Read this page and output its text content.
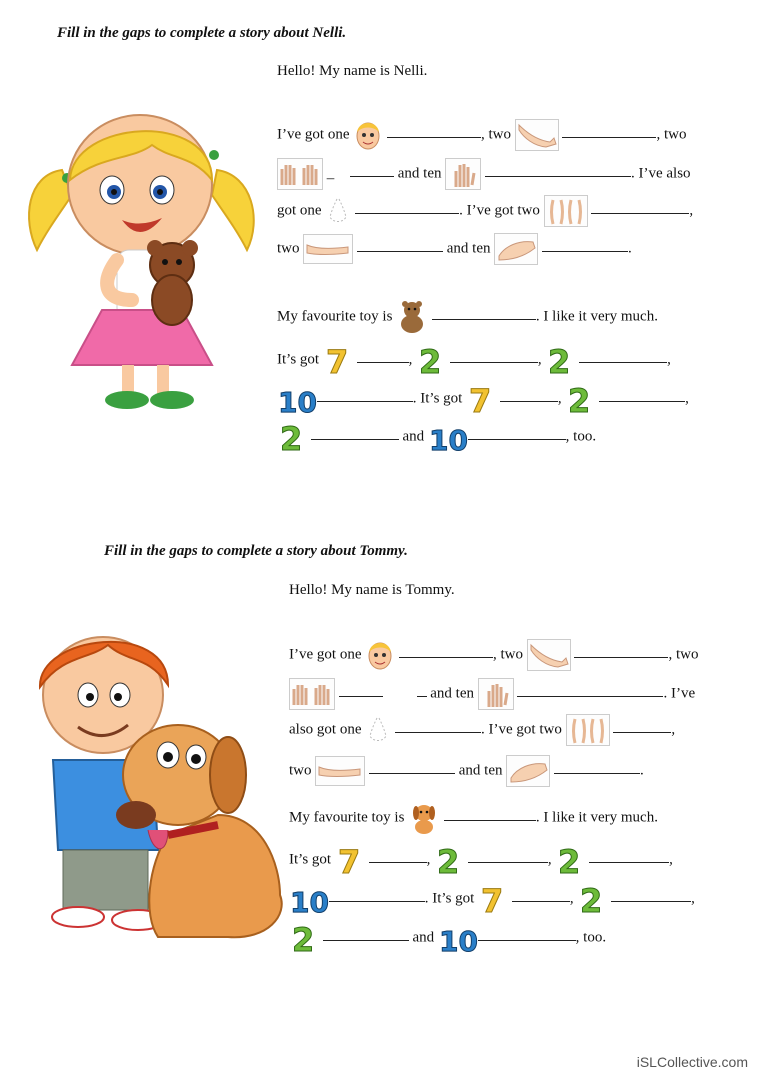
Fill in the gaps to complete a story about Nelli.
Hello! My name is Nelli.
I’ve got one	, two	, two
_	and ten	. I’ve also
got one	. I’ve got two	,
two	and ten	.
My favourite toy is	. I like it very much.
It’s got 7	, 2	, 2	,
10	. It’s got 7	, 2	,
2	and 10	, too.
Fill in the gaps to complete a story about Tommy.
Hello! My name is Tommy.
I’ve got one	, two	, two
and ten	. I’ve
also got one	. I’ve got two	,
two	and ten	.
My favourite toy is	. I like it very much.
It’s got 7	, 2	, 2	,
10	. It’s got 7	, 2	,
2	and 10	, too.
iSLCollective.com
